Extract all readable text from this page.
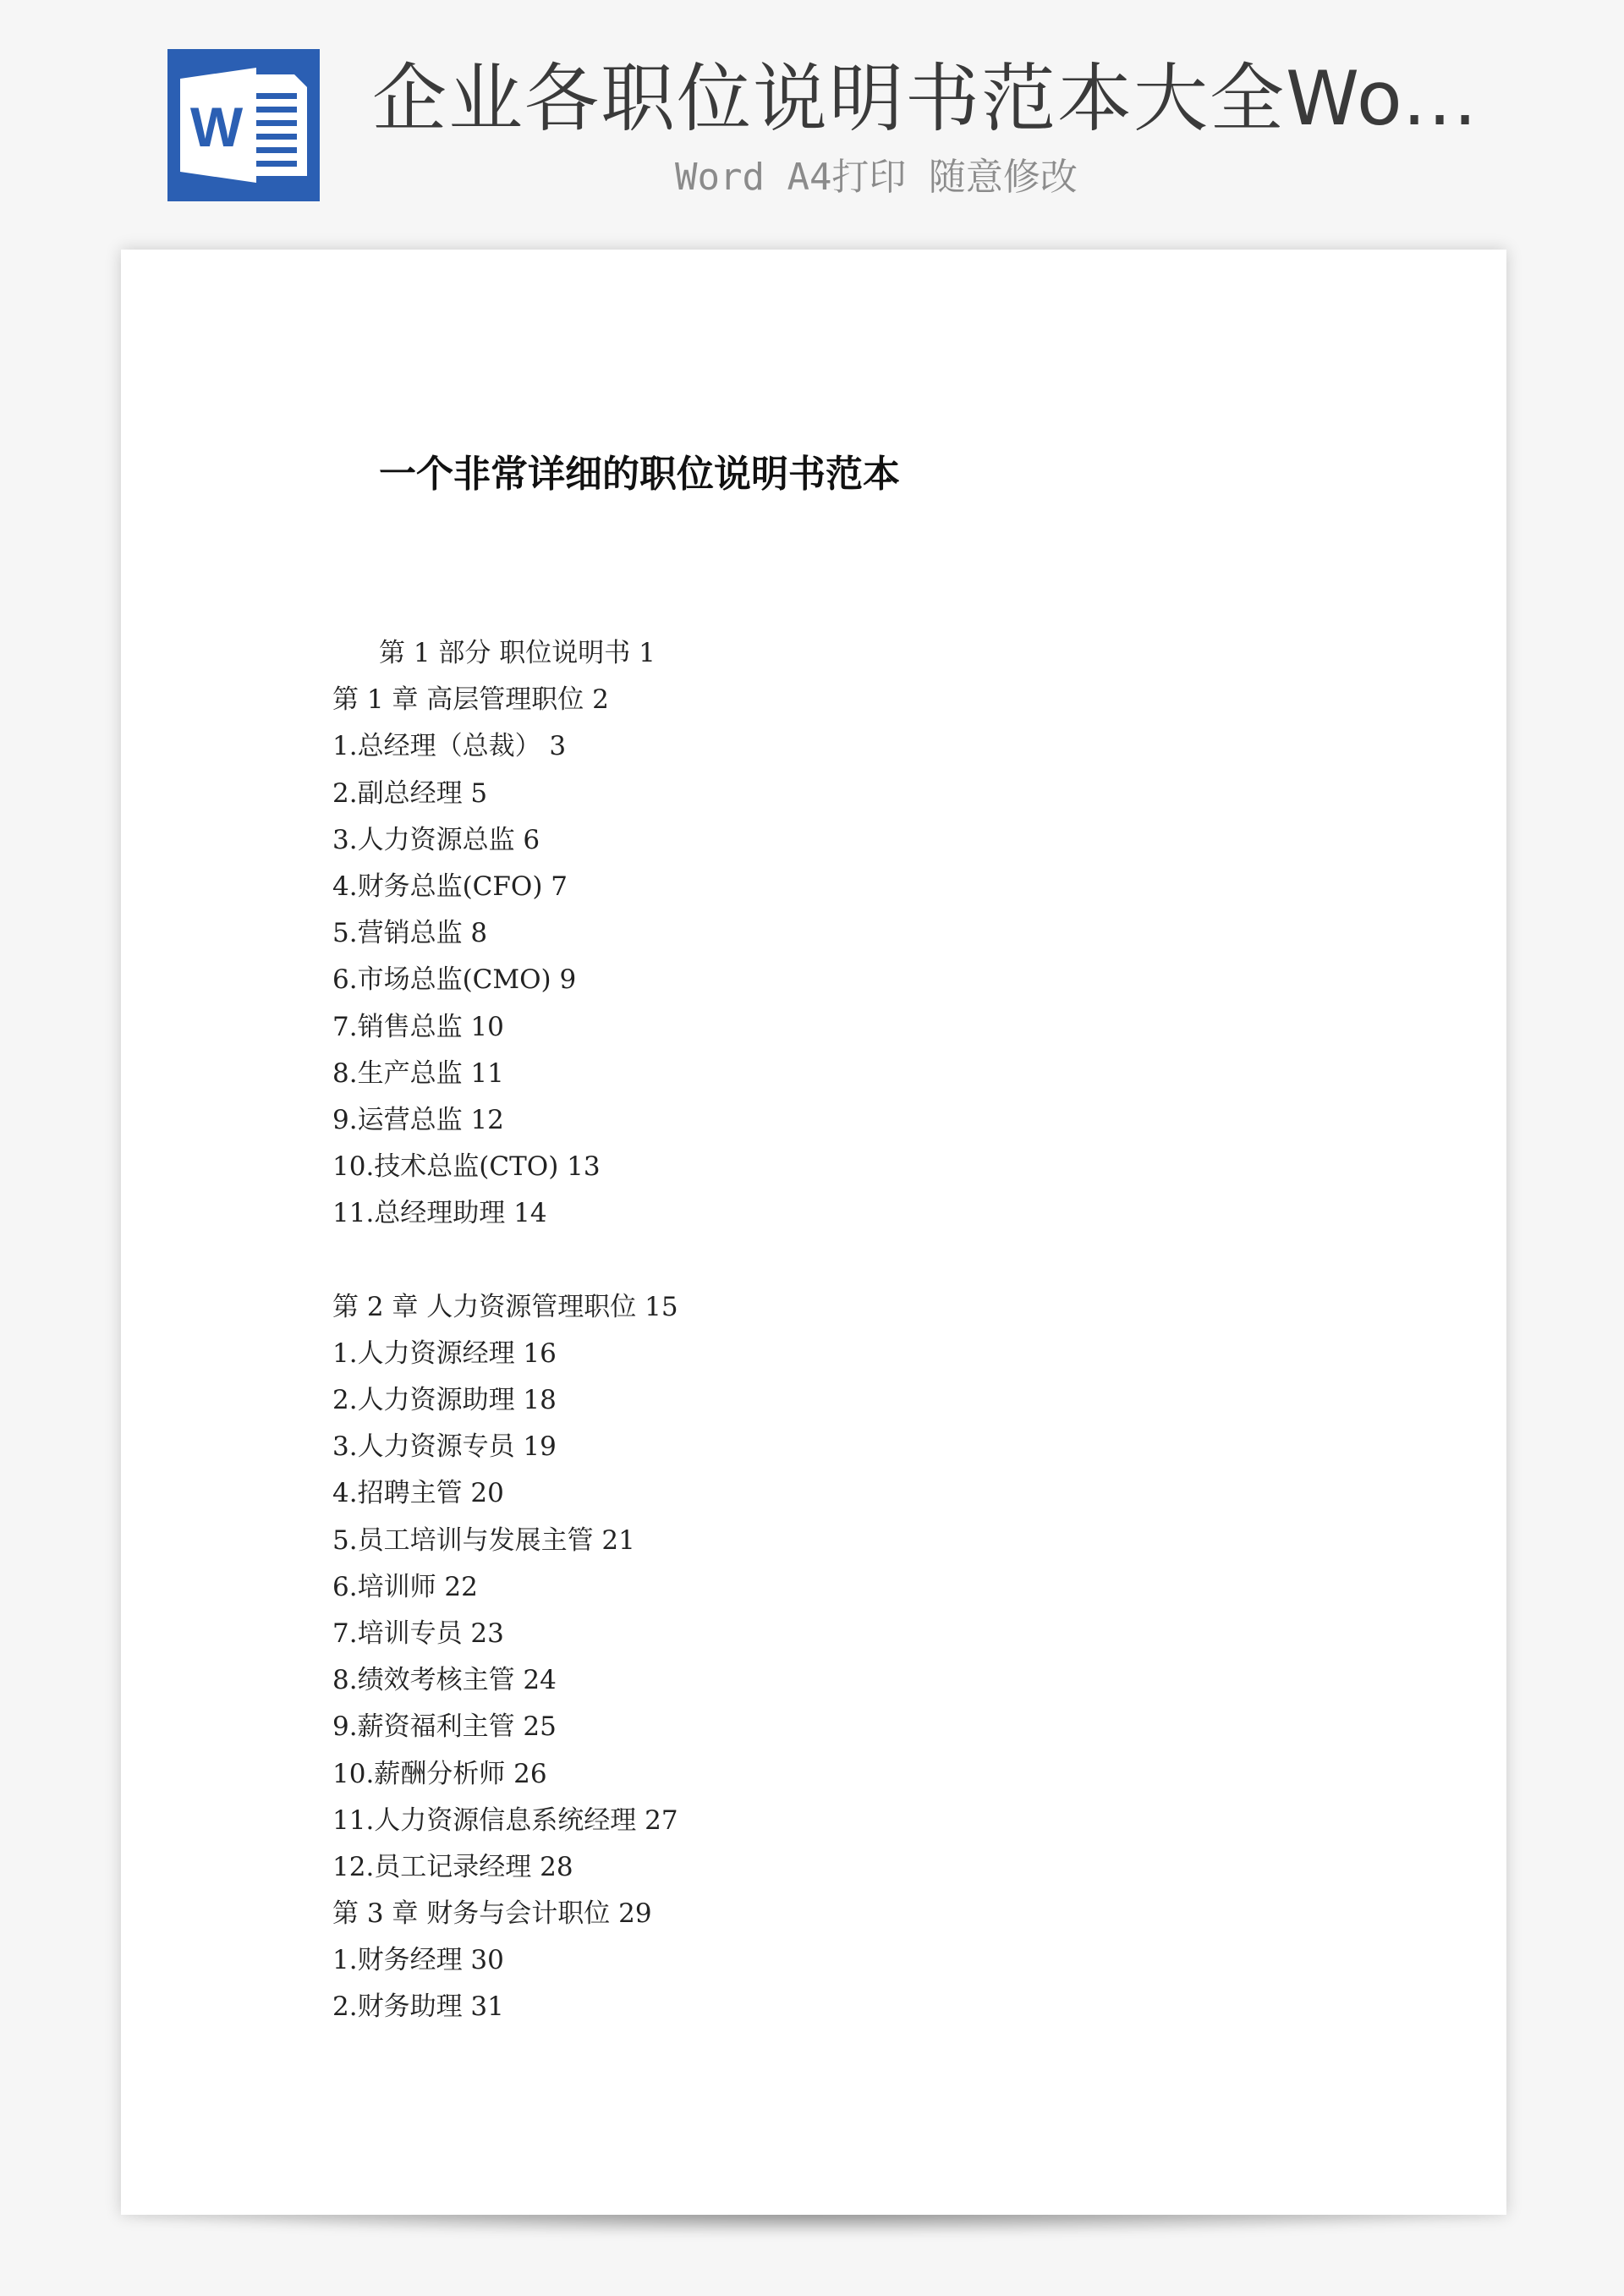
W 企业各职位说明书范本大全Wo...
Word A4打印 随意修改
一个非常详细的职位说明书范本
第 1 部分 职位说明书 1
第 1 章 高层管理职位 2
1.总经理（总裁） 3
2.副总经理 5
3.人力资源总监 6
4.财务总监(CFO) 7
5.营销总监 8
6.市场总监(CMO) 9
7.销售总监 10
8.生产总监 11
9.运营总监 12
10.技术总监(CTO) 13
11.总经理助理 14
第 2 章 人力资源管理职位 15
1.人力资源经理 16
2.人力资源助理 18
3.人力资源专员 19
4.招聘主管 20
5.员工培训与发展主管 21
6.培训师 22
7.培训专员 23
8.绩效考核主管 24
9.薪资福利主管 25
10.薪酬分析师 26
11.人力资源信息系统经理 27
12.员工记录经理 28
第 3 章 财务与会计职位 29
1.财务经理 30
2.财务助理 31
